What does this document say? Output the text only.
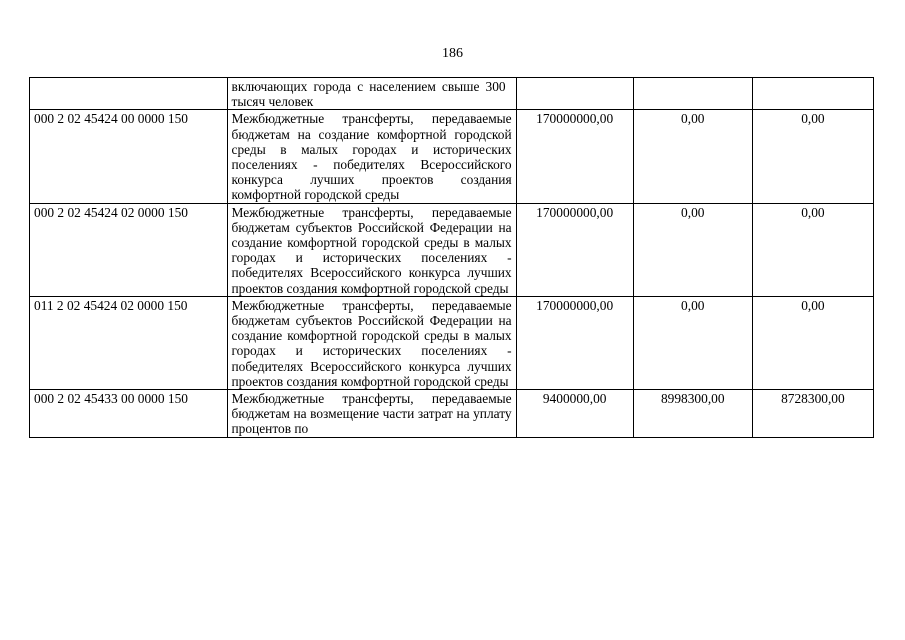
186
	включающих города с населением свыше 300 тысяч человек			
000 2 02 45424 00 0000 150	Межбюджетные трансферты, передаваемые бюджетам на создание комфортной городской среды в малых городах и исторических поселениях - победителях Всероссийского конкурса лучших проектов создания комфортной городской среды	170000000,00	0,00	0,00
000 2 02 45424 02 0000 150	Межбюджетные трансферты, передаваемые бюджетам субъектов Российской Федерации на создание комфортной городской среды в малых городах и исторических поселениях - победителях Всероссийского конкурса лучших проектов создания комфортной городской среды	170000000,00	0,00	0,00
011 2 02 45424 02 0000 150	Межбюджетные трансферты, передаваемые бюджетам субъектов Российской Федерации на создание комфортной городской среды в малых городах и исторических поселениях - победителях Всероссийского конкурса лучших проектов создания комфортной городской среды	170000000,00	0,00	0,00
000 2 02 45433 00 0000 150	Межбюджетные трансферты, передаваемые бюджетам на возмещение части затрат на уплату процентов по	9400000,00	8998300,00	8728300,00
